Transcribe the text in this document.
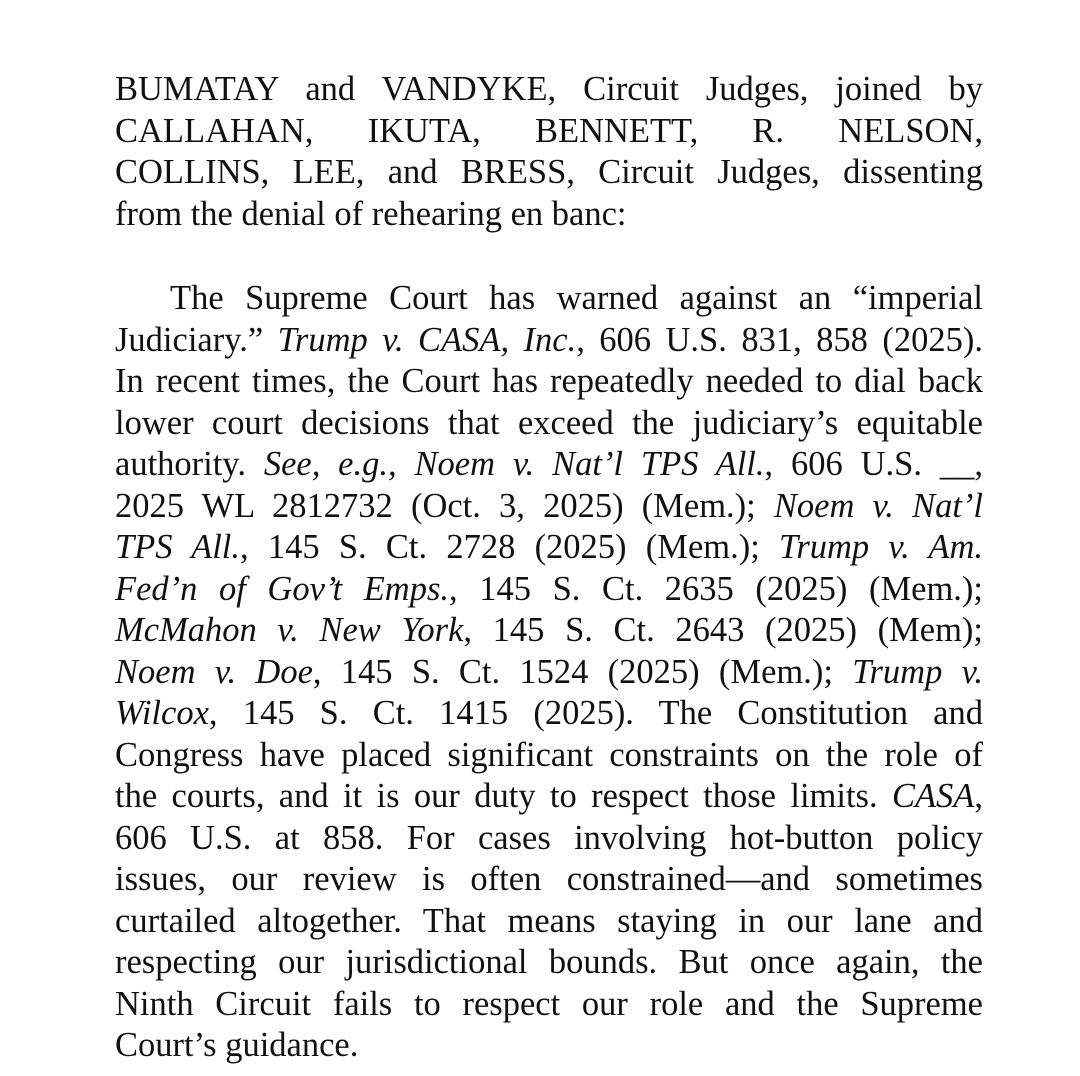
BUMATAY and VANDYKE, Circuit Judges, joined by
CALLAHAN, IKUTA, BENNETT, R. NELSON,
COLLINS, LEE, and BRESS, Circuit Judges, dissenting
from the denial of rehearing en banc:
The Supreme Court has warned against an “imperial
Judiciary.” Trump v. CASA, Inc., 606 U.S. 831, 858 (2025).
In recent times, the Court has repeatedly needed to dial back
lower court decisions that exceed the judiciary’s equitable
authority. See, e.g., Noem v. Nat’l TPS All., 606 U.S. __,
2025 WL 2812732 (Oct. 3, 2025) (Mem.); Noem v. Nat’l
TPS All., 145 S. Ct. 2728 (2025) (Mem.); Trump v. Am.
Fed’n of Gov’t Emps., 145 S. Ct. 2635 (2025) (Mem.);
McMahon v. New York, 145 S. Ct. 2643 (2025) (Mem);
Noem v. Doe, 145 S. Ct. 1524 (2025) (Mem.); Trump v.
Wilcox, 145 S. Ct. 1415 (2025). The Constitution and
Congress have placed significant constraints on the role of
the courts, and it is our duty to respect those limits. CASA,
606 U.S. at 858. For cases involving hot-button policy
issues, our review is often constrained—and sometimes
curtailed altogether. That means staying in our lane and
respecting our jurisdictional bounds. But once again, the
Ninth Circuit fails to respect our role and the Supreme
Court’s guidance.
